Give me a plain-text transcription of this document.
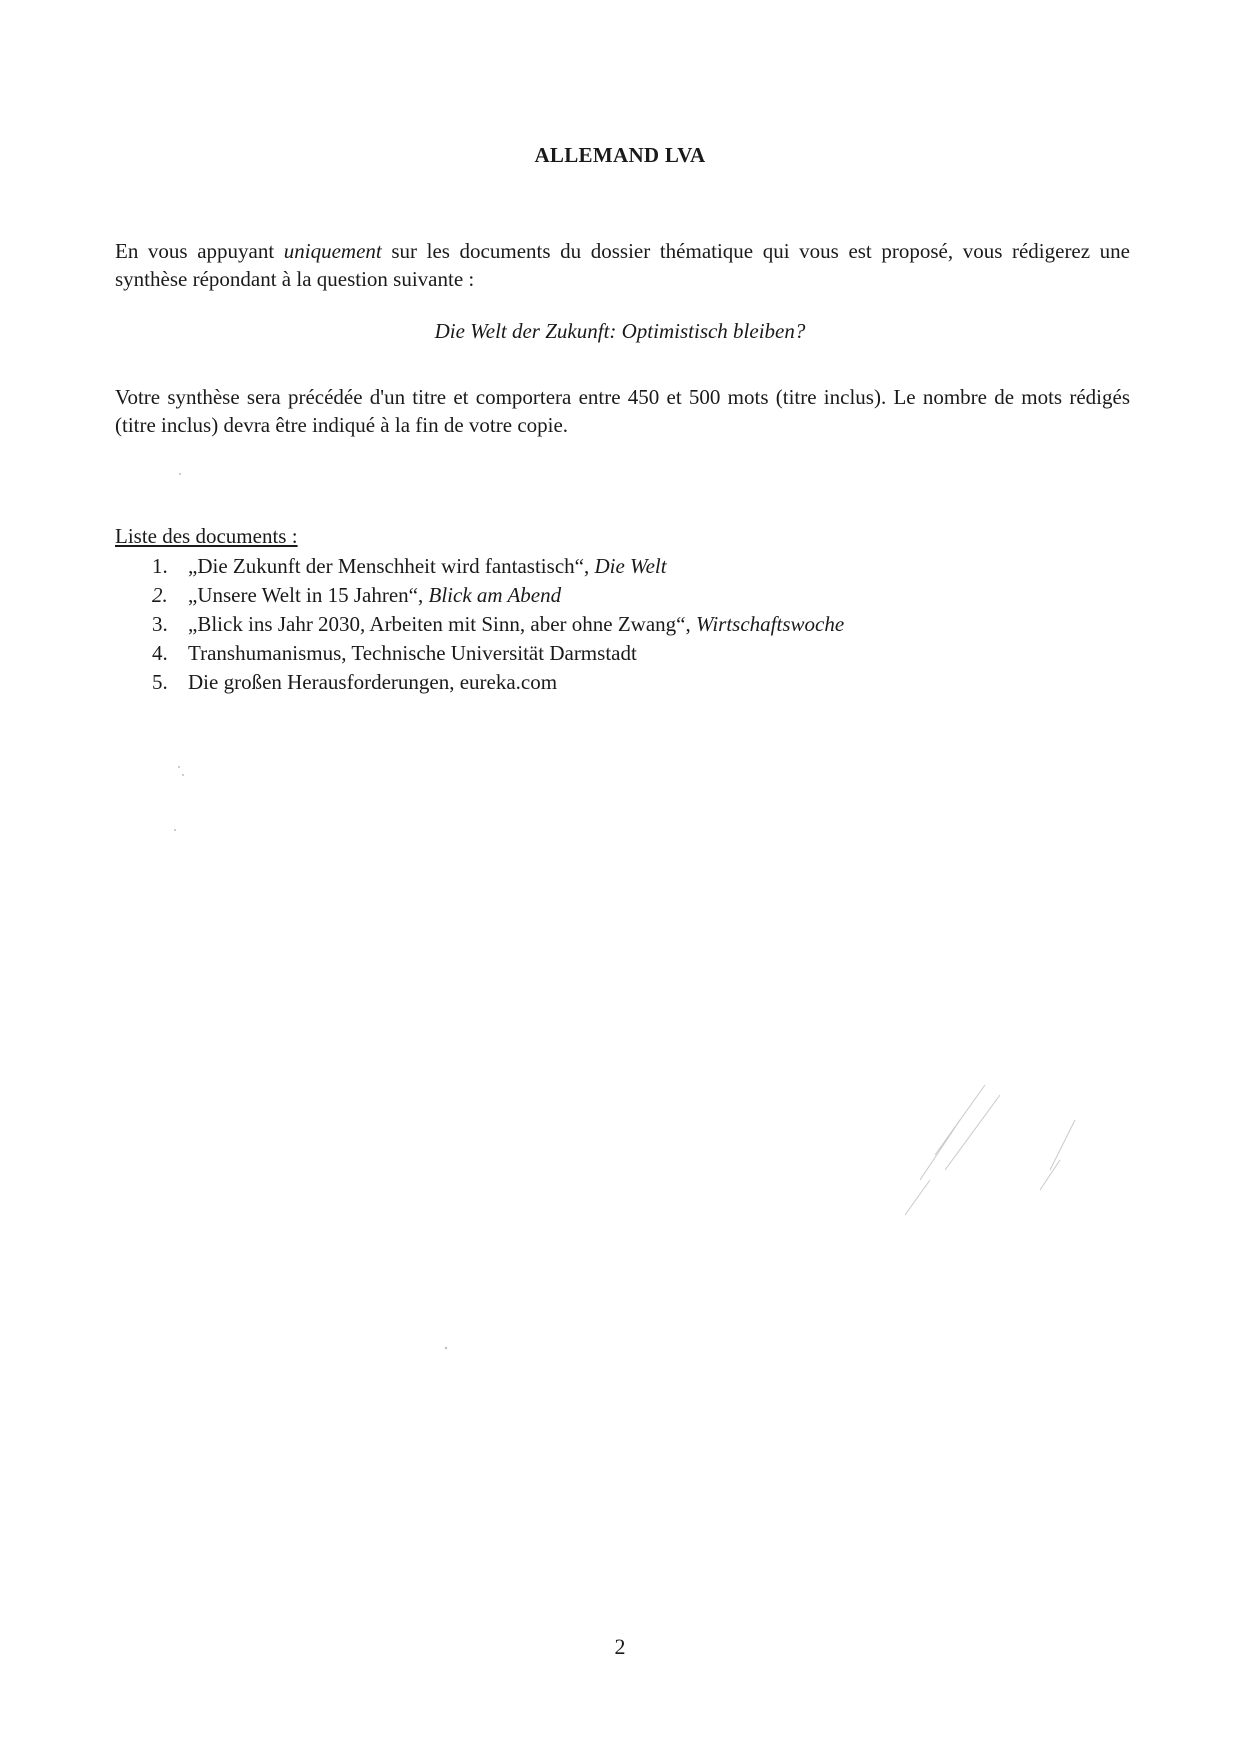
ALLEMAND LVA
En vous appuyant uniquement sur les documents du dossier thématique qui vous est proposé, vous rédigerez une synthèse répondant à la question suivante :
Die Welt der Zukunft: Optimistisch bleiben?
Votre synthèse sera précédée d'un titre et comportera entre 450 et 500 mots (titre inclus). Le nombre de mots rédigés (titre inclus) devra être indiqué à la fin de votre copie.
Liste des documents :
1. „Die Zukunft der Menschheit wird fantastisch“, Die Welt
2. „Unsere Welt in 15 Jahren“, Blick am Abend
3. „Blick ins Jahr 2030, Arbeiten mit Sinn, aber ohne Zwang“, Wirtschaftswoche
4. Transhumanismus, Technische Universität Darmstadt
5. Die großen Herausforderungen, eureka.com
2
